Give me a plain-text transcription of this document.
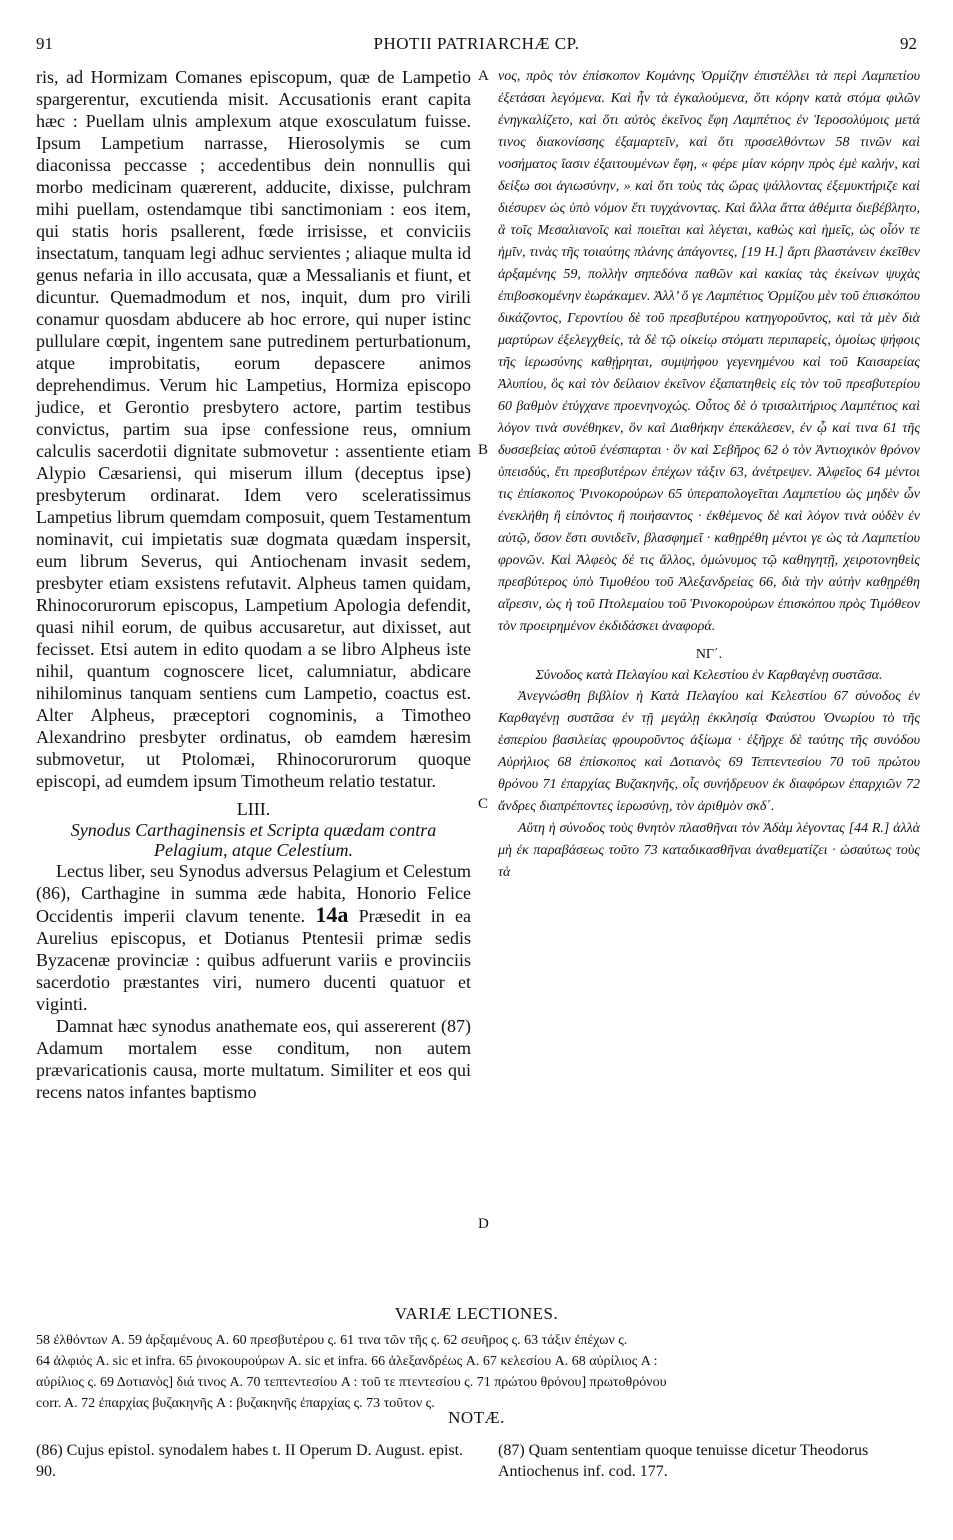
91	PHOTII PATRIARCHÆ CP.	92

ris, ad Hormizam Comanes episcopum, quæ de Lampetio spargerentur, excutienda misit. Accusationis erant capita hæc : Puellam ulnis amplexum atque exosculatum fuisse. Ipsum Lampetium narrasse, Hierosolymis se cum diaconissa peccasse ; accedentibus dein nonnullis qui morbo medicinam quærerent, adducite, dixisse, pulchram mihi puellam, ostendamque tibi sanctimoniam : eos item, qui statis horis psallerent, fœde irrisisse, et conviciis insectatum, tanquam legi adhuc servientes ; aliaque multa id genus nefaria in illo accusata, quæ a Messalianis et fiunt, et dicuntur. Quemadmodum et nos, inquit, dum pro virili conamur quosdam abducere ab hoc errore, qui nuper istinc pullulare cœpit, ingentem sane putredinem perturbationum, atque improbitatis, eorum depascere animos deprehendimus. Verum hic Lampetius, Hormiza episcopo judice, et Gerontio presbytero actore, partim testibus convictus, partim sua ipse confessione reus, omnium calculis sacerdotii dignitate submovetur : assentiente etiam Alypio Cæsariensi, qui miserum illum (deceptus ipse) presbyterum ordinarat. Idem vero sceleratissimus Lampetius librum quemdam composuit, quem Testamentum nominavit, cui impietatis suæ dogmata quædam inspersit, eum librum Severus, qui Antiochenam invasit sedem, presbyter etiam exsistens refutavit. Alpheus tamen quidam, Rhinocorurorum episcopus, Lampetium Apologia defendit, quasi nihil eorum, de quibus accusaretur, aut dixisset, aut fecisset. Etsi autem in edito quodam a se libro Alpheus iste nihil, quantum cognoscere licet, calumniatur, abdicare nihilominus tanquam sentiens cum Lampetio, coactus est. Alter Alpheus, præceptori cognominis, a Timotheo Alexandrino presbyter ordinatus, ob eamdem hæresim submovetur, ut Ptolomæi, Rhinocorurorum quoque episcopi, ad eumdem ipsum Timotheum relatio testatur.

LIII.

Synodus Carthaginensis et Scripta quædam contra Pelagium, atque Celestium.

Lectus liber, seu Synodus adversus Pelagium et Celestum (86), Carthagine in summa æde habita, Honorio Felice Occidentis imperii clavum tenente. 14a Præsedit in ea Aurelius episcopus, et Dotianus Ptentesii primæ sedis Byzacenæ provinciæ : quibus adfuerunt variis e provinciis sacerdotio præstantes viri, numero ducenti quatuor et viginti.

Damnat hæc synodus anathemate eos, qui assererent (87) Adamum mortalem esse conditum, non autem prævaricationis causa, morte multatum. Similiter et eos qui recens natos infantes baptismo

A
B
C
D

νος, πρὸς τὸν ἐπίσκοπον Κομάνης Ὁρμίζην ἐπιστέλλει τὰ περὶ Λαμπετίου ἐξετάσαι λεγόμενα. Καὶ ἦν τὰ ἐγκαλούμενα, ὅτι κόρην κατὰ στόμα φιλῶν ἐνηγκαλίζετο, καὶ ὅτι αὐτὸς ἐκεῖνος ἔφη Λαμπέτιος ἐν Ἱεροσολύμοις μετά τινος διακονίσσης ἐξαμαρτεῖν, καὶ ὅτι προσελθόντων 58 τινῶν καὶ νοσήματος ἴασιν ἐξαιτουμένων ἔφη, « φέρε μίαν κόρην πρὸς ἐμὲ καλήν, καὶ δείξω σοι ἁγιωσύνην, » καὶ ὅτι τοὺς τὰς ὥρας ψάλλοντας ἐξεμυκτήριζε καὶ διέσυρεν ὡς ὑπὸ νόμον ἔτι τυγχάνοντας. Καὶ ἄλλα ἄττα ἀθέμιτα διεβέβλητο, ἃ τοῖς Μεσαλιανοῖς καὶ ποιεῖται καὶ λέγεται, καθὼς καὶ ἡμεῖς, ὡς οἷόν τε ἡμῖν, τινὰς τῆς τοιαύτης πλάνης ἀπάγοντες, [19 H.] ἄρτι βλαστάνειν ἐκεῖθεν ἀρξαμένης 59, πολλὴν σηπεδόνα παθῶν καὶ κακίας τὰς ἐκείνων ψυχὰς ἐπιβοσκομένην ἑωράκαμεν. Ἀλλ’ ὅ γε Λαμπέτιος Ὁρμίζου μὲν τοῦ ἐπισκόπου δικάζοντος, Γεροντίου δὲ τοῦ πρεσβυτέρου κατηγοροῦντος, καὶ τὰ μὲν διὰ μαρτύρων ἐξελεγχθείς, τὰ δὲ τῷ οἰκείῳ στόματι περιπαρείς, ὁμοίως ψήφοις τῆς ἱερωσύνης καθῄρηται, συμψήφου γεγενημένου καὶ τοῦ Καισαρείας Ἀλυπίου, ὃς καὶ τὸν δείλαιον ἐκεῖνον ἐξαπατηθεὶς εἰς τὸν τοῦ πρεσβυτερίου 60 βαθμὸν ἐτύγχανε προενηνοχώς. Οὗτος δὲ ὁ τρισαλιτήριος Λαμπέτιος καὶ λόγον τινὰ συνέθηκεν, ὃν καὶ Διαθήκην ἐπεκάλεσεν, ἐν ᾧ καί τινα 61 τῆς δυσσεβείας αὐτοῦ ἐνέσπαρται · ὃν καὶ Σεβῆρος 62 ὁ τὸν Ἀντιοχικὸν θρόνον ὑπεισδύς, ἔτι πρεσβυτέρων ἐπέχων τάξιν 63, ἀνέτρεψεν. Ἀλφεῖος 64 μέντοι τις ἐπίσκοπος Ῥινοκορούρων 65 ὑπεραπολογεῖται Λαμπετίου ὡς μηδὲν ὧν ἐνεκλήθη ἢ εἰπόντος ἢ ποιήσαντος · ἐκθέμενος δὲ καὶ λόγον τινὰ οὐδὲν ἐν αὐτῷ, ὅσον ἔστι συνιδεῖν, βλασφημεῖ · καθῃρέθη μέντοι γε ὡς τὰ Λαμπετίου φρονῶν. Καὶ Ἀλφεὸς δέ τις ἄλλος, ὁμώνυμος τῷ καθηγητῇ, χειροτονηθεὶς πρεσβύτερος ὑπὸ Τιμοθέου τοῦ Ἀλεξανδρείας 66, διὰ τὴν αὐτὴν καθῃρέθη αἵρεσιν, ὡς ἡ τοῦ Πτολεμαίου τοῦ Ῥινοκορούρων ἐπισκόπου πρὸς Τιμόθεον τὸν προειρημένον ἐκδιδάσκει ἀναφορά.

ΝΓ΄.

Σύνοδος κατὰ Πελαγίου καὶ Κελεστίου ἐν Καρθαγένῃ συστᾶσα.

Ἀνεγνώσθη βιβλίον ἡ Κατὰ Πελαγίου καὶ Κελεστίου 67 σύνοδος ἐν Καρθαγένῃ συστᾶσα ἐν τῇ μεγάλῃ ἐκκλησίᾳ Φαύστου Ὁνωρίου τὸ τῆς ἑσπερίου βασιλείας φρουροῦντος ἀξίωμα · ἐξῆρχε δὲ ταύτης τῆς συνόδου Αὐρήλιος 68 ἐπίσκοπος καὶ Δοτιανὸς 69 Τεπτεντεσίου 70 τοῦ πρώτου θρόνου 71 ἐπαρχίας Βυζακηνῆς, οἷς συνήδρευον ἐκ διαφόρων ἐπαρχιῶν 72 ἄνδρες διαπρέποντες ἱερωσύνῃ, τὸν ἀριθμὸν σκδ΄.

Αὕτη ἡ σύνοδος τοὺς θνητὸν πλασθῆναι τὸν Ἀδὰμ λέγοντας [44 R.] ἀλλὰ μὴ ἐκ παραβάσεως τοῦτο 73 καταδικασθῆναι ἀναθεματίζει · ὡσαύτως τοὺς τὰ

VARIÆ LECTIONES.

58 ἐλθόντων A. 59 ἀρξαμένους A. 60 πρεσβυτέρου ς. 61 τινα τῶν τῆς ς. 62 σευῆρος ς. 63 τάξιν ἐπέχων ς.

64 ἀλφιός A. sic et infra. 65 ῥινοκουρούρων A. sic et infra. 66 ἀλεξανδρέως A. 67 κελεσίου A. 68 αὐρίλιος A :

αὐρίλιος ς. 69 Δοτιανὸς] διά τινος A. 70 τεπτεντεσίου A : τοῦ τε πτεντεσίου ς. 71 πρώτου θρόνου] πρωτοθρόνου

corr. A. 72 ἐπαρχίας βυζακηνῆς A : βυζακηνῆς ἐπαρχίας ς. 73 τοῦτον ς.

NOTÆ.
(86) Cujus epistol. synodalem habes t. II Operum D. August. epist. 90.
(87) Quam sententiam quoque tenuisse dicetur Theodorus Antiochenus inf. cod. 177.
